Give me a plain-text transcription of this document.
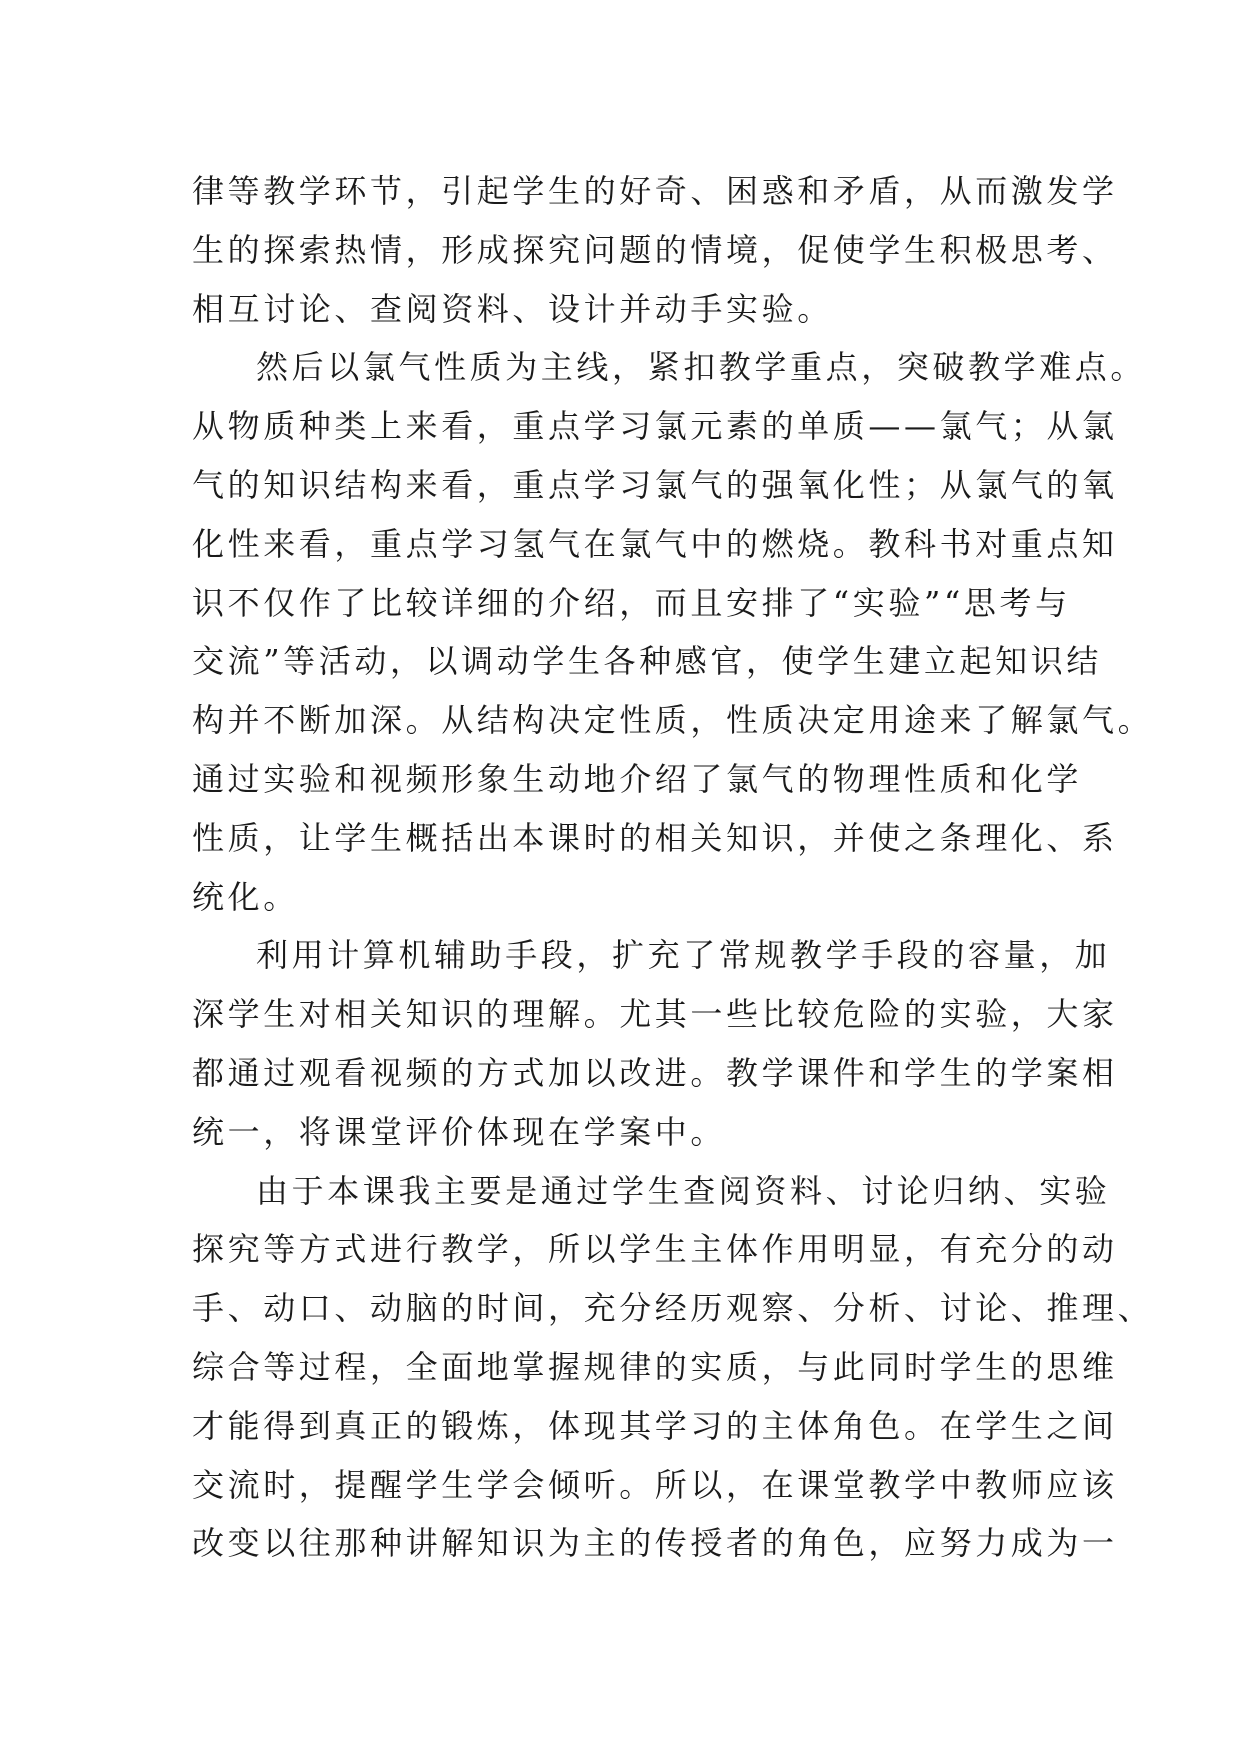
律等教学环节，引起学生的好奇、困惑和矛盾，从而激发学
生的探索热情，形成探究问题的情境，促使学生积极思考、
相互讨论、查阅资料、设计并动手实验。
然后以氯气性质为主线，紧扣教学重点，突破教学难点。
从物质种类上来看，重点学习氯元素的单质——氯气；从氯
气的知识结构来看，重点学习氯气的强氧化性；从氯气的氧
化性来看，重点学习氢气在氯气中的燃烧。教科书对重点知
识不仅作了比较详细的介绍，而且安排了“实验”“思考与
交流”等活动，以调动学生各种感官，使学生建立起知识结
构并不断加深。从结构决定性质，性质决定用途来了解氯气。
通过实验和视频形象生动地介绍了氯气的物理性质和化学
性质，让学生概括出本课时的相关知识，并使之条理化、系
统化。
利用计算机辅助手段，扩充了常规教学手段的容量，加
深学生对相关知识的理解。尤其一些比较危险的实验，大家
都通过观看视频的方式加以改进。教学课件和学生的学案相
统一，将课堂评价体现在学案中。
由于本课我主要是通过学生查阅资料、讨论归纳、实验
探究等方式进行教学，所以学生主体作用明显，有充分的动
手、动口、动脑的时间，充分经历观察、分析、讨论、推理、
综合等过程，全面地掌握规律的实质，与此同时学生的思维
才能得到真正的锻炼，体现其学习的主体角色。在学生之间
交流时，提醒学生学会倾听。所以，在课堂教学中教师应该
改变以往那种讲解知识为主的传授者的角色，应努力成为一
